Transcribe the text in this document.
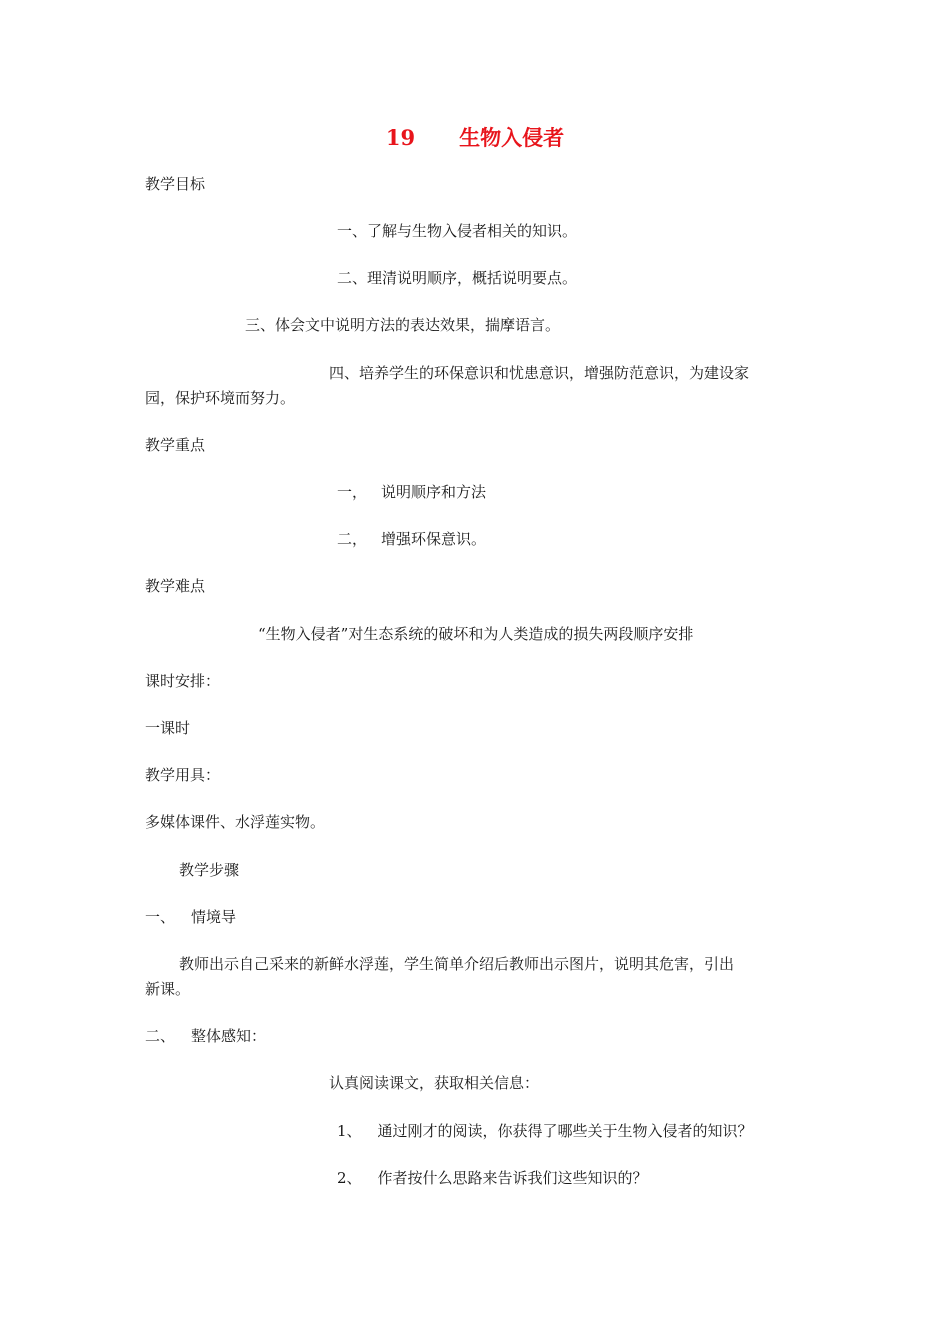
19 生物入侵者
教学目标
一、了解与生物入侵者相关的知识。
二、理清说明顺序，概括说明要点。
三、体会文中说明方法的表达效果，揣摩语言。
四、培养学生的环保意识和忧患意识，增强防范意识，为建设家
园，保护环境而努力。
教学重点
一， 说明顺序和方法
二， 增强环保意识。
教学难点
“生物入侵者”对生态系统的破坏和为人类造成的损失两段顺序安排
课时安排：
一课时
教学用具：
多媒体课件、水浮莲实物。
教学步骤
一、 情境导
教师出示自己采来的新鲜水浮莲，学生简单介绍后教师出示图片，说明其危害，引出
新课。
二、 整体感知：
认真阅读课文，获取相关信息：
1、 通过刚才的阅读，你获得了哪些关于生物入侵者的知识？
2、 作者按什么思路来告诉我们这些知识的？
